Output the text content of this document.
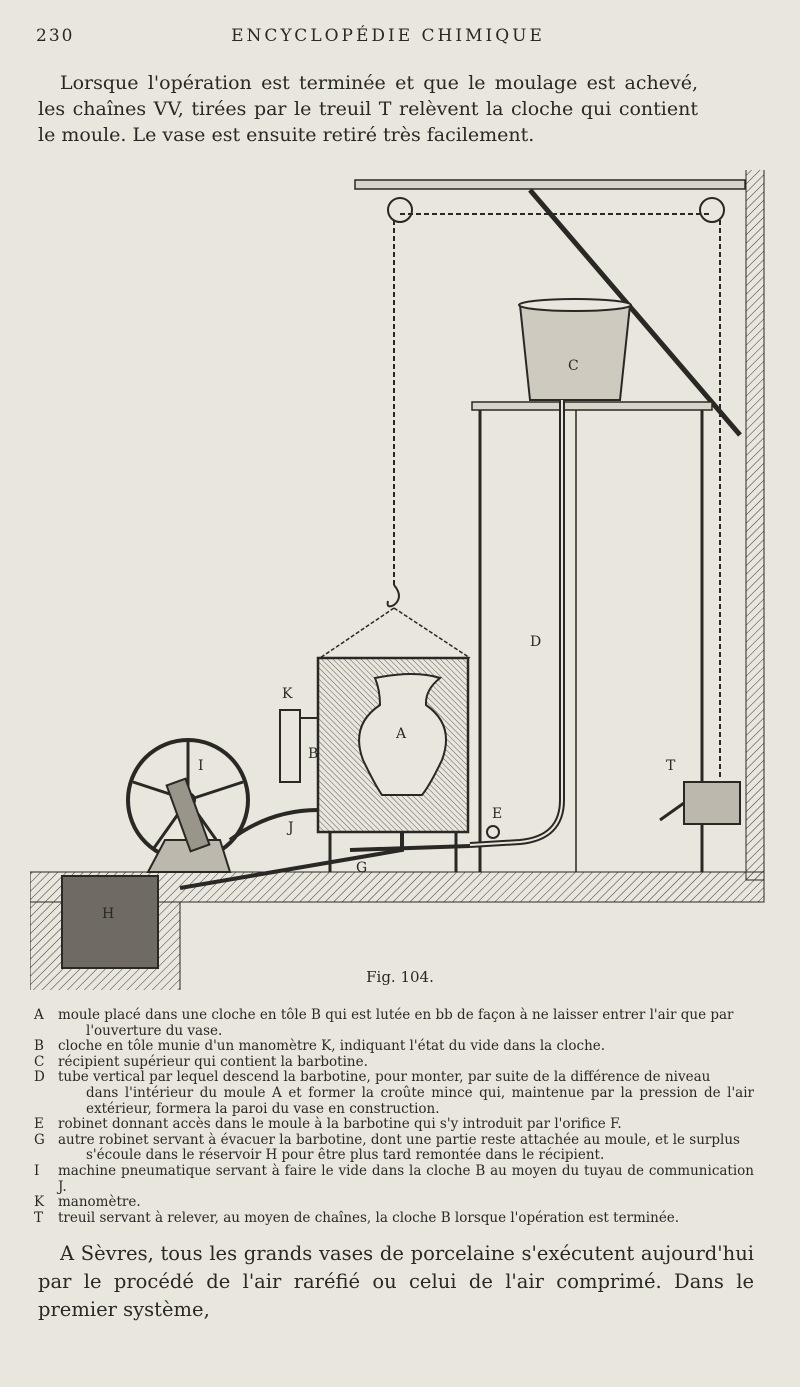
230	ENCYCLOPÉDIE CHIMIQUE
Lorsque l'opération est terminée et que le moulage est achevé, les chaînes VV, tirées par le treuil T relèvent la cloche qui contient le moule. Le vase est ensuite retiré très facilement.
H
C
D
A
B
G
E
K
I
J
T
Fig. 104.
A	moule placé dans une cloche en tôle B qui est lutée en bb de façon à ne laisser entrer l'air que par
l'ouverture du vase.
B	cloche en tôle munie d'un manomètre K, indiquant l'état du vide dans la cloche.
C	récipient supérieur qui contient la barbotine.
D tube vertical par lequel descend la barbotine, pour monter, par suite de la différence de niveau
dans l'intérieur du moule A et former la croûte mince qui, maintenue par la pression de l'air extérieur, formera la paroi du vase en construction.
E	robinet donnant accès dans le moule à la barbotine qui s'y introduit par l'orifice F.
G autre robinet servant à évacuer la barbotine, dont une partie reste attachée au moule, et le surplus
s'écoule dans le réservoir H pour être plus tard remontée dans le récipient.
I	machine pneumatique servant à faire le vide dans la cloche B au moyen du tuyau de communication J.
K	manomètre.
T	treuil servant à relever, au moyen de chaînes, la cloche B lorsque l'opération est terminée.
A Sèvres, tous les grands vases de porcelaine s'exécutent aujourd'hui par le procédé de l'air raréfié ou celui de l'air comprimé. Dans le premier système,
